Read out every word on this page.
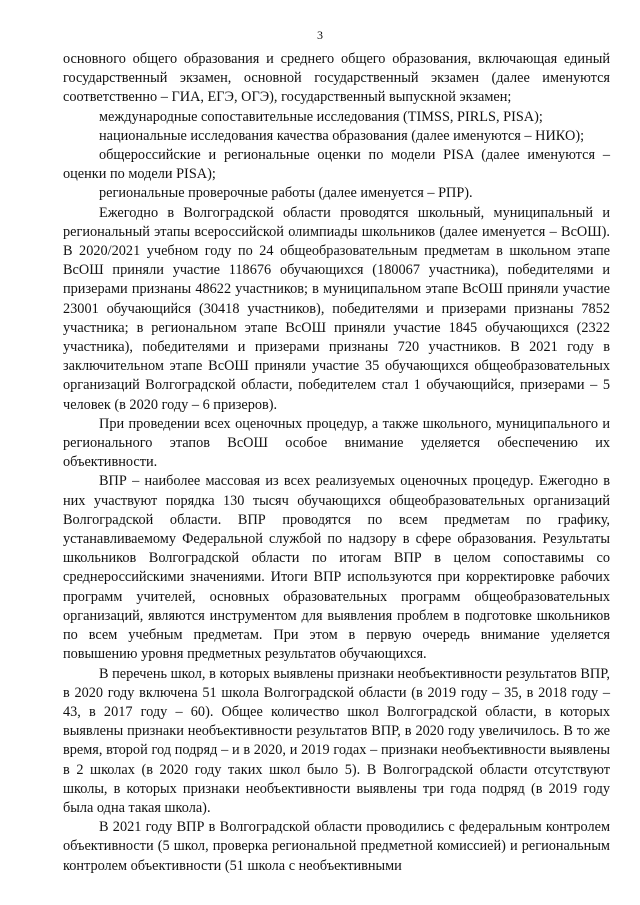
3

основного общего образования и среднего общего образования, включающая единый государственный экзамен, основной государственный экзамен (далее именуются соответственно – ГИА, ЕГЭ, ОГЭ), государственный выпускной экзамен;

международные сопоставительные исследования (TIMSS, PIRLS, PISA);

национальные исследования качества образования (далее именуются – НИКО);

общероссийские и региональные оценки по модели PISA (далее именуются – оценки по модели PISA);

региональные проверочные работы (далее именуется – РПР).

Ежегодно в Волгоградской области проводятся школьный, муниципальный и региональный этапы всероссийской олимпиады школьников (далее именуется – ВсОШ). В 2020/2021 учебном году по 24 общеобразовательным предметам в школьном этапе ВсОШ приняли участие 118676 обучающихся (180067 участника), победителями и призерами признаны 48622 участников; в муниципальном этапе ВсОШ приняли участие 23001 обучающийся (30418 участников), победителями и призерами признаны 7852 участника; в региональном этапе ВсОШ приняли участие 1845 обучающихся (2322 участника), победителями и призерами признаны 720 участников. В 2021 году в заключительном этапе ВсОШ приняли участие 35 обучающихся общеобразовательных организаций Волгоградской области, победителем стал 1 обучающийся, призерами – 5 человек (в 2020 году – 6 призеров).

При проведении всех оценочных процедур, а также школьного, муниципального и регионального этапов ВсОШ особое внимание уделяется обеспечению их объективности.

ВПР – наиболее массовая из всех реализуемых оценочных процедур. Ежегодно в них участвуют порядка 130 тысяч обучающихся общеобразовательных организаций Волгоградской области. ВПР проводятся по всем предметам по графику, устанавливаемому Федеральной службой по надзору в сфере образования. Результаты школьников Волгоградской области по итогам ВПР в целом сопоставимы со среднероссийскими значениями. Итоги ВПР используются при корректировке рабочих программ учителей, основных образовательных программ общеобразовательных организаций, являются инструментом для выявления проблем в подготовке школьников по всем учебным предметам. При этом в первую очередь внимание уделяется повышению уровня предметных результатов обучающихся.

В перечень школ, в которых выявлены признаки необъективности результатов ВПР, в 2020 году включена 51 школа Волгоградской области (в 2019 году – 35, в 2018 году – 43, в 2017 году – 60). Общее количество школ Волгоградской области, в которых выявлены признаки необъективности результатов ВПР, в 2020 году увеличилось. В то же время, второй год подряд – и в 2020, и 2019 годах – признаки необъективности выявлены в 2 школах (в 2020 году таких школ было 5). В Волгоградской области отсутствуют школы, в которых признаки необъективности выявлены три года подряд (в 2019 году была одна такая школа).

В 2021 году ВПР в Волгоградской области проводились с федеральным контролем объективности (5 школ, проверка региональной предметной комиссией) и региональным контролем объективности (51 школа с необъективными
